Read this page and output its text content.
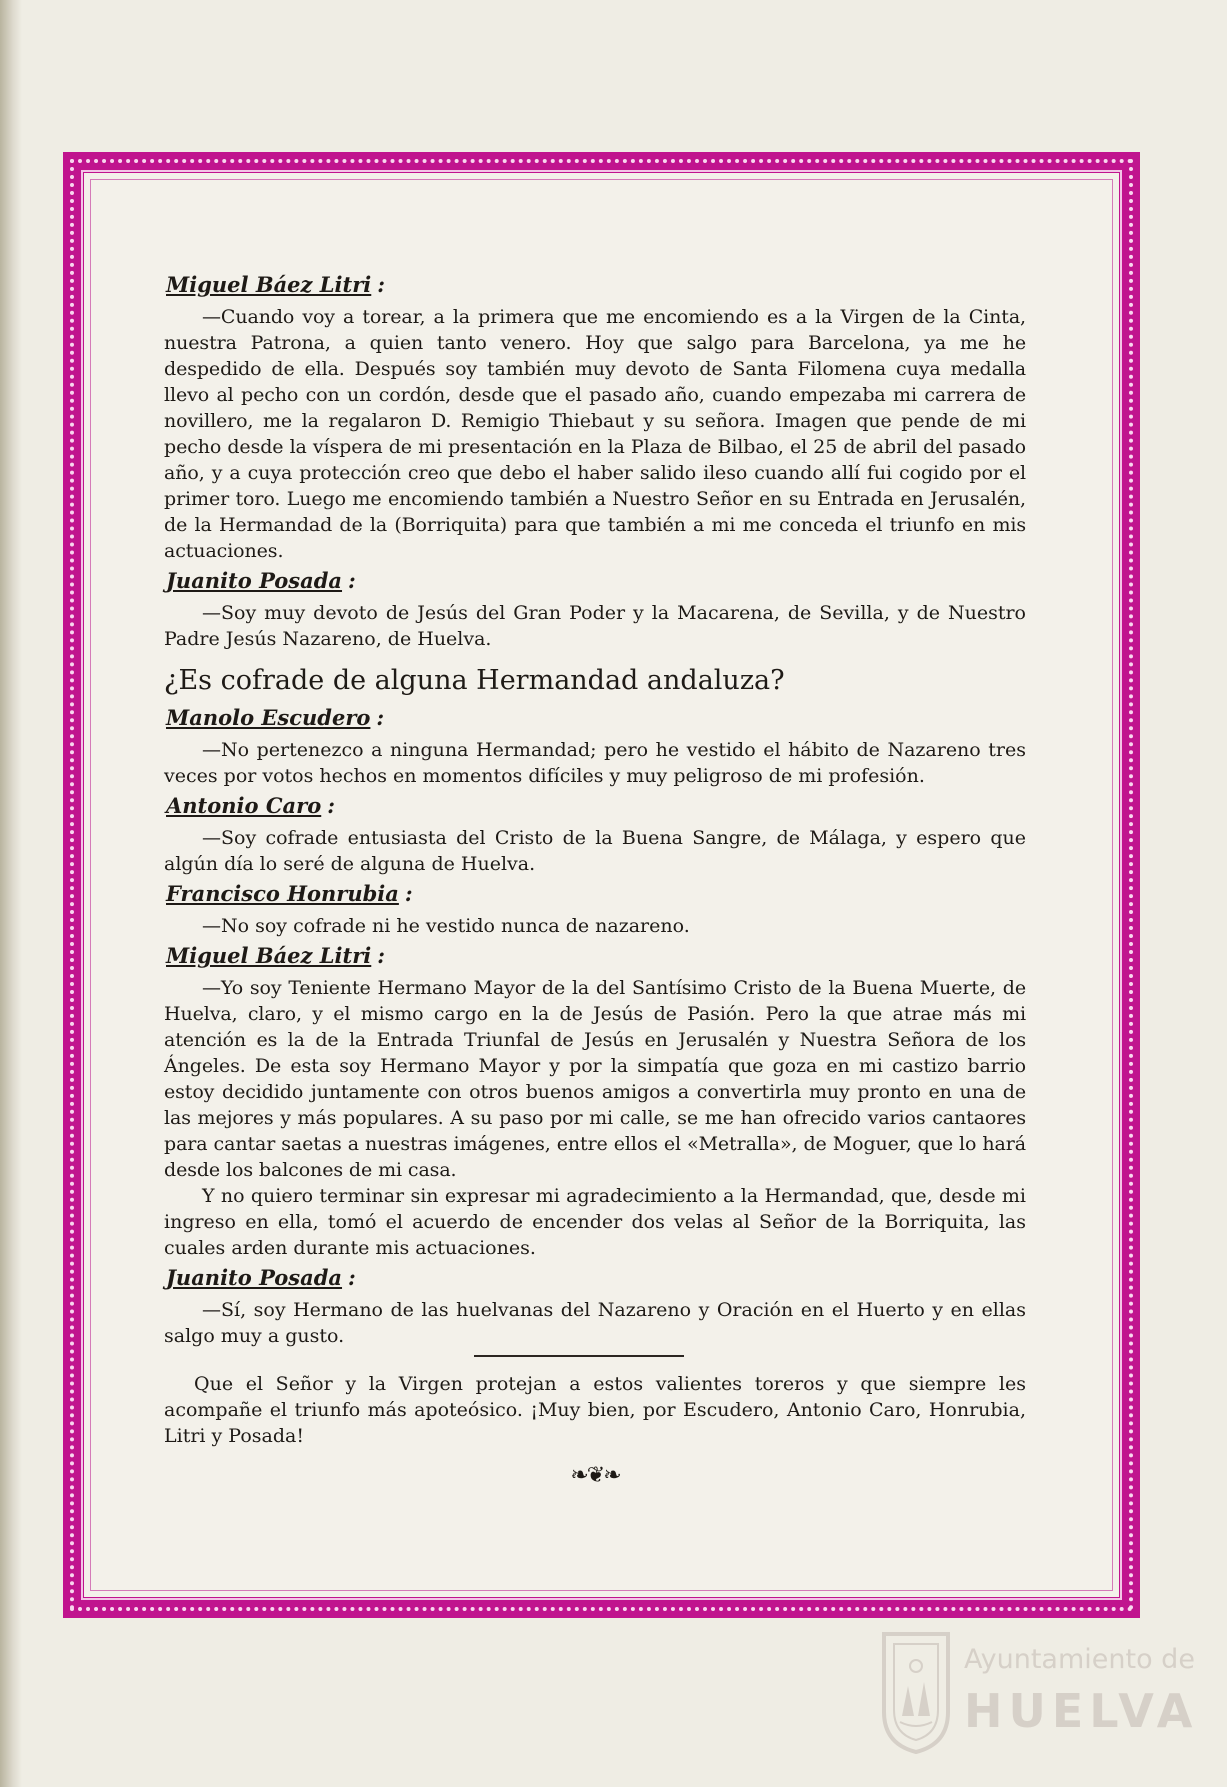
Miguel Báez Litri :

—Cuando voy a torear, a la primera que me encomiendo es a la Virgen de la Cinta, nuestra Patrona, a quien tanto venero. Hoy que salgo para Barcelona, ya me he despedido de ella. Después soy también muy devoto de Santa Filomena cuya medalla llevo al pecho con un cordón, desde que el pasado año, cuando empezaba mi carrera de novillero, me la regalaron D. Remigio Thiebaut y su señora. Imagen que pende de mi pecho desde la víspera de mi presentación en la Plaza de Bilbao, el 25 de abril del pasado año, y a cuya protección creo que debo el haber salido ileso cuando allí fui cogido por el primer toro. Luego me encomiendo también a Nuestro Señor en su Entrada en Jerusalén, de la Hermandad de la (Borriquita) para que también a mi me conceda el triunfo en mis actuaciones.

Juanito Posada :

—Soy muy devoto de Jesús del Gran Poder y la Macarena, de Sevilla, y de Nuestro Padre Jesús Nazareno, de Huelva.

¿Es cofrade de alguna Hermandad andaluza?
Manolo Escudero :

—No pertenezco a ninguna Hermandad; pero he vestido el hábito de Nazareno tres veces por votos hechos en momentos difíciles y muy peligroso de mi profesión.

Antonio Caro :

—Soy cofrade entusiasta del Cristo de la Buena Sangre, de Málaga, y espero que algún día lo seré de alguna de Huelva.

Francisco Honrubia :

—No soy cofrade ni he vestido nunca de nazareno.

Miguel Báez Litri :

—Yo soy Teniente Hermano Mayor de la del Santísimo Cristo de la Buena Muerte, de Huelva, claro, y el mismo cargo en la de Jesús de Pasión. Pero la que atrae más mi atención es la de la Entrada Triunfal de Jesús en Jerusalén y Nuestra Señora de los Ángeles. De esta soy Hermano Mayor y por la simpatía que goza en mi castizo barrio estoy decidido juntamente con otros buenos amigos a convertirla muy pronto en una de las mejores y más populares. A su paso por mi calle, se me han ofrecido varios cantaores para cantar saetas a nuestras imágenes, entre ellos el «Metralla», de Moguer, que lo hará desde los balcones de mi casa.

Y no quiero terminar sin expresar mi agradecimiento a la Hermandad, que, desde mi ingreso en ella, tomó el acuerdo de encender dos velas al Señor de la Borriquita, las cuales arden durante mis actuaciones.

Juanito Posada :

—Sí, soy Hermano de las huelvanas del Nazareno y Oración en el Huerto y en ellas salgo muy a gusto.

Que el Señor y la Virgen protejan a estos valientes toreros y que siempre les acompañe el triunfo más apoteósico. ¡Muy bien, por Escudero, Antonio Caro, Honrubia, Litri y Posada!

❧❦❧
Ayuntamiento de
HUELVA
